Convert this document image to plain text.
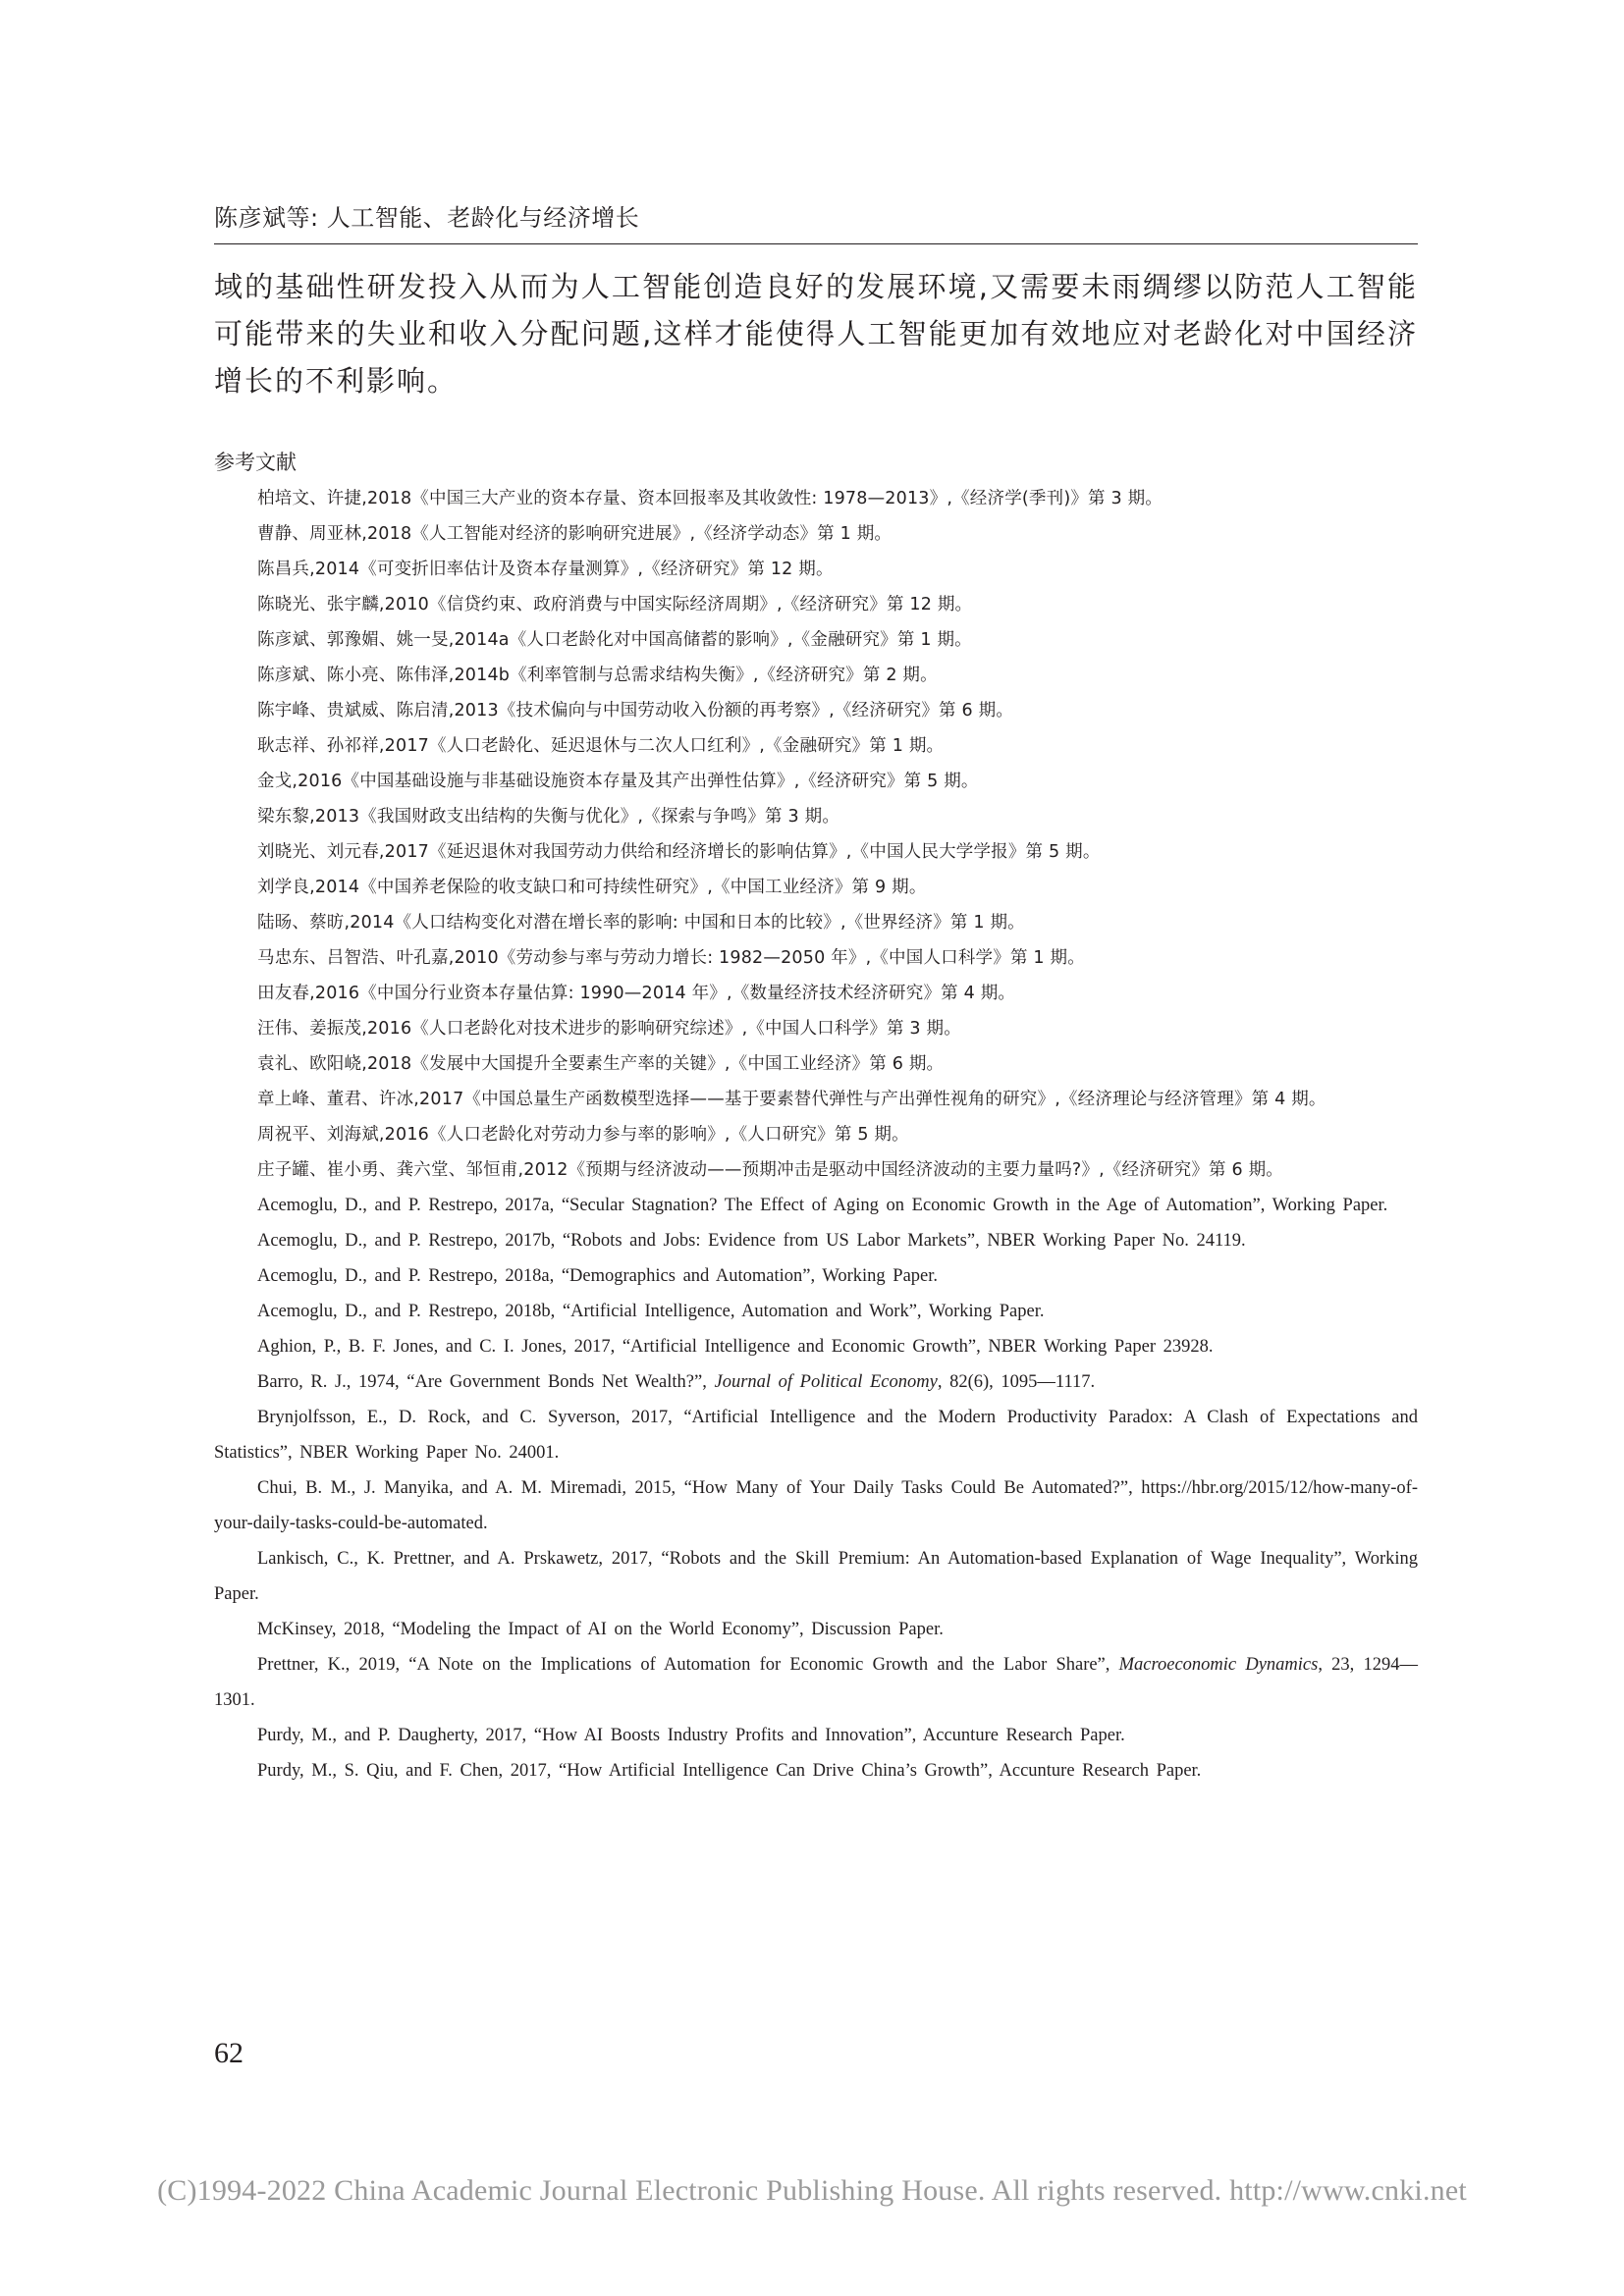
陈彦斌等: 人工智能、老龄化与经济增长
域的基础性研发投入从而为人工智能创造良好的发展环境,又需要未雨绸缪以防范人工智能可能带来的失业和收入分配问题,这样才能使得人工智能更加有效地应对老龄化对中国经济增长的不利影响。
参考文献
柏培文、许捷,2018《中国三大产业的资本存量、资本回报率及其收敛性: 1978—2013》,《经济学(季刊)》第 3 期。
曹静、周亚林,2018《人工智能对经济的影响研究进展》,《经济学动态》第 1 期。
陈昌兵,2014《可变折旧率估计及资本存量测算》,《经济研究》第 12 期。
陈晓光、张宇麟,2010《信贷约束、政府消费与中国实际经济周期》,《经济研究》第 12 期。
陈彦斌、郭豫媚、姚一旻,2014a《人口老龄化对中国高储蓄的影响》,《金融研究》第 1 期。
陈彦斌、陈小亮、陈伟泽,2014b《利率管制与总需求结构失衡》,《经济研究》第 2 期。
陈宇峰、贵斌威、陈启清,2013《技术偏向与中国劳动收入份额的再考察》,《经济研究》第 6 期。
耿志祥、孙祁祥,2017《人口老龄化、延迟退休与二次人口红利》,《金融研究》第 1 期。
金戈,2016《中国基础设施与非基础设施资本存量及其产出弹性估算》,《经济研究》第 5 期。
梁东黎,2013《我国财政支出结构的失衡与优化》,《探索与争鸣》第 3 期。
刘晓光、刘元春,2017《延迟退休对我国劳动力供给和经济增长的影响估算》,《中国人民大学学报》第 5 期。
刘学良,2014《中国养老保险的收支缺口和可持续性研究》,《中国工业经济》第 9 期。
陆旸、蔡昉,2014《人口结构变化对潜在增长率的影响: 中国和日本的比较》,《世界经济》第 1 期。
马忠东、吕智浩、叶孔嘉,2010《劳动参与率与劳动力增长: 1982—2050 年》,《中国人口科学》第 1 期。
田友春,2016《中国分行业资本存量估算: 1990—2014 年》,《数量经济技术经济研究》第 4 期。
汪伟、姜振茂,2016《人口老龄化对技术进步的影响研究综述》,《中国人口科学》第 3 期。
袁礼、欧阳峣,2018《发展中大国提升全要素生产率的关键》,《中国工业经济》第 6 期。
章上峰、董君、许冰,2017《中国总量生产函数模型选择——基于要素替代弹性与产出弹性视角的研究》,《经济理论与经济管理》第 4 期。
周祝平、刘海斌,2016《人口老龄化对劳动力参与率的影响》,《人口研究》第 5 期。
庄子罐、崔小勇、龚六堂、邹恒甫,2012《预期与经济波动——预期冲击是驱动中国经济波动的主要力量吗?》,《经济研究》第 6 期。
Acemoglu, D., and P. Restrepo, 2017a, “Secular Stagnation? The Effect of Aging on Economic Growth in the Age of Automation”, Working Paper.
Acemoglu, D., and P. Restrepo, 2017b, “Robots and Jobs: Evidence from US Labor Markets”, NBER Working Paper No. 24119.
Acemoglu, D., and P. Restrepo, 2018a, “Demographics and Automation”, Working Paper.
Acemoglu, D., and P. Restrepo, 2018b, “Artificial Intelligence, Automation and Work”, Working Paper.
Aghion, P., B. F. Jones, and C. I. Jones, 2017, “Artificial Intelligence and Economic Growth”, NBER Working Paper 23928.
Barro, R. J., 1974, “Are Government Bonds Net Wealth?”, Journal of Political Economy, 82(6), 1095—1117.
Brynjolfsson, E., D. Rock, and C. Syverson, 2017, “Artificial Intelligence and the Modern Productivity Paradox: A Clash of Expectations and Statistics”, NBER Working Paper No. 24001.
Chui, B. M., J. Manyika, and A. M. Miremadi, 2015, “How Many of Your Daily Tasks Could Be Automated?”, https://hbr.org/2015/12/how-many-of-your-daily-tasks-could-be-automated.
Lankisch, C., K. Prettner, and A. Prskawetz, 2017, “Robots and the Skill Premium: An Automation-based Explanation of Wage Inequality”, Working Paper.
McKinsey, 2018, “Modeling the Impact of AI on the World Economy”, Discussion Paper.
Prettner, K., 2019, “A Note on the Implications of Automation for Economic Growth and the Labor Share”, Macroeconomic Dynamics, 23, 1294—1301.
Purdy, M., and P. Daugherty, 2017, “How AI Boosts Industry Profits and Innovation”, Accunture Research Paper.
Purdy, M., S. Qiu, and F. Chen, 2017, “How Artificial Intelligence Can Drive China’s Growth”, Accunture Research Paper.
62
(C)1994-2022 China Academic Journal Electronic Publishing House. All rights reserved. http://www.cnki.net
